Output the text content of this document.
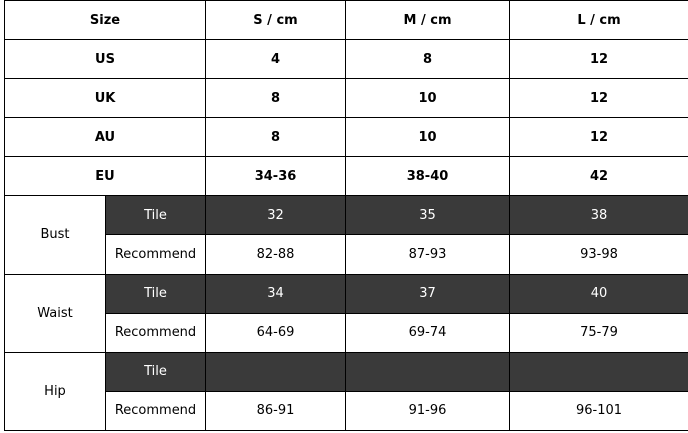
Size		S / cm	M / cm	L / cm
US		4	8	12
UK		8	10	12
AU		8	10	12
EU		34-36	38-40	42
Bust	Tile	32	35	38
	Recommend	82-88	87-93	93-98
Waist	Tile	34	37	40
	Recommend	64-69	69-74	75-79
Hip	Tile			
	Recommend	86-91	91-96	96-101
